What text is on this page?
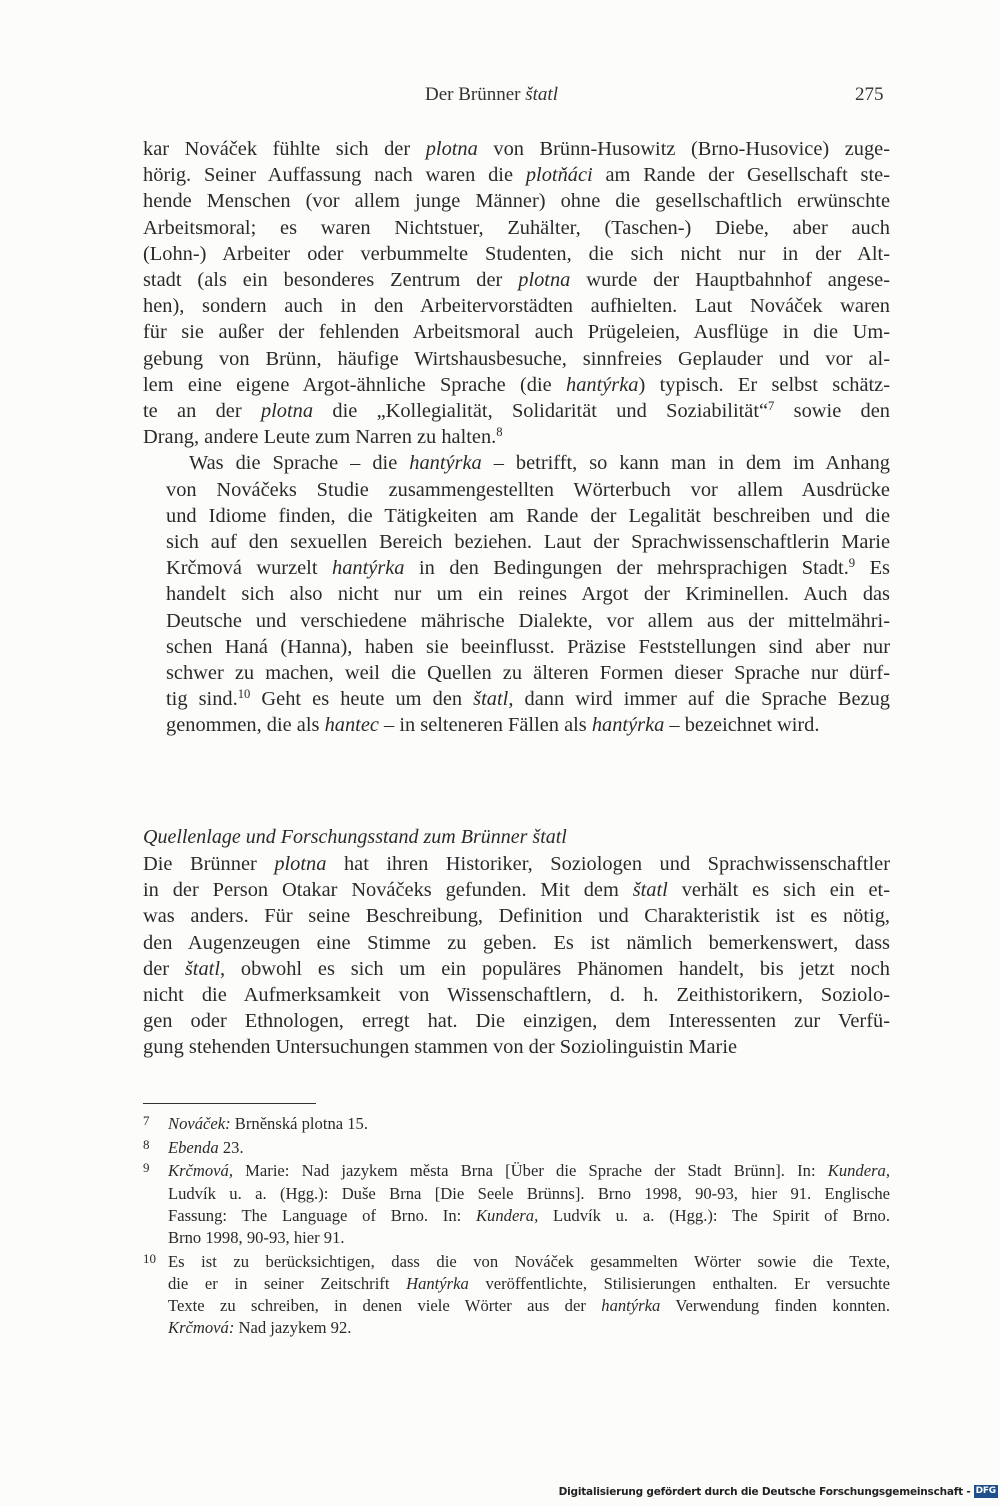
Der Brünner štatl	275
kar Nováček fühlte sich der plotna von Brünn-Husowitz (Brno-Husovice) zuge-
hörig. Seiner Auffassung nach waren die plotňáci am Rande der Gesellschaft ste-
hende Menschen (vor allem junge Männer) ohne die gesellschaftlich erwünschte
Arbeitsmoral; es waren Nichtstuer, Zuhälter, (Taschen-) Diebe, aber auch
(Lohn-) Arbeiter oder verbummelte Studenten, die sich nicht nur in der Alt-
stadt (als ein besonderes Zentrum der plotna wurde der Hauptbahnhof angese-
hen), sondern auch in den Arbeitervorstädten aufhielten. Laut Nováček waren
für sie außer der fehlenden Arbeitsmoral auch Prügeleien, Ausflüge in die Um-
gebung von Brünn, häufige Wirtshausbesuche, sinnfreies Geplauder und vor al-
lem eine eigene Argot-ähnliche Sprache (die hantýrka) typisch. Er selbst schätz-
te an der plotna die „Kollegialität, Solidarität und Soziabilität“$^7$ sowie den
Drang, andere Leute zum Narren zu halten.$^8$
Was die Sprache – die hantýrka – betrifft, so kann man in dem im Anhang
von Nováčeks Studie zusammengestellten Wörterbuch vor allem Ausdrücke
und Idiome finden, die Tätigkeiten am Rande der Legalität beschreiben und die
sich auf den sexuellen Bereich beziehen. Laut der Sprachwissenschaftlerin Marie
Krčmová wurzelt hantýrka in den Bedingungen der mehrsprachigen Stadt.$^9$ Es
handelt sich also nicht nur um ein reines Argot der Kriminellen. Auch das
Deutsche und verschiedene mährische Dialekte, vor allem aus der mittelmähri-
schen Haná (Hanna), haben sie beeinflusst. Präzise Feststellungen sind aber nur
schwer zu machen, weil die Quellen zu älteren Formen dieser Sprache nur dürf-
tig sind.$^{10}$ Geht es heute um den štatl, dann wird immer auf die Sprache Bezug
genommen, die als hantec – in selteneren Fällen als hantýrka – bezeichnet wird.
Quellenlage und Forschungsstand zum Brünner štatl
Die Brünner plotna hat ihren Historiker, Soziologen und Sprachwissenschaftler
in der Person Otakar Nováčeks gefunden. Mit dem štatl verhält es sich ein et-
was anders. Für seine Beschreibung, Definition und Charakteristik ist es nötig,
den Augenzeugen eine Stimme zu geben. Es ist nämlich bemerkenswert, dass
der štatl, obwohl es sich um ein populäres Phänomen handelt, bis jetzt noch
nicht die Aufmerksamkeit von Wissenschaftlern, d. h. Zeithistorikern, Soziolo-
gen oder Ethnologen, erregt hat. Die einzigen, dem Interessenten zur Verfü-
gung stehenden Untersuchungen stammen von der Soziolinguistin Marie
7 Nováček: Brněnská plotna 15.
8 Ebenda 23.
9 Krčmová, Marie: Nad jazykem města Brna [Über die Sprache der Stadt Brünn]. In: Kundera,
Ludvík u. a. (Hgg.): Duše Brna [Die Seele Brünns]. Brno 1998, 90-93, hier 91. Englische
Fassung: The Language of Brno. In: Kundera, Ludvík u. a. (Hgg.): The Spirit of Brno.
Brno 1998, 90-93, hier 91.
10 Es ist zu berücksichtigen, dass die von Nováček gesammelten Wörter sowie die Texte,
die er in seiner Zeitschrift Hantýrka veröffentlichte, Stilisierungen enthalten. Er versuchte
Texte zu schreiben, in denen viele Wörter aus der hantýrka Verwendung finden konnten.
Krčmová: Nad jazykem 92.
Digitalisierung gefördert durch die Deutsche Forschungsgemeinschaft - DFG
